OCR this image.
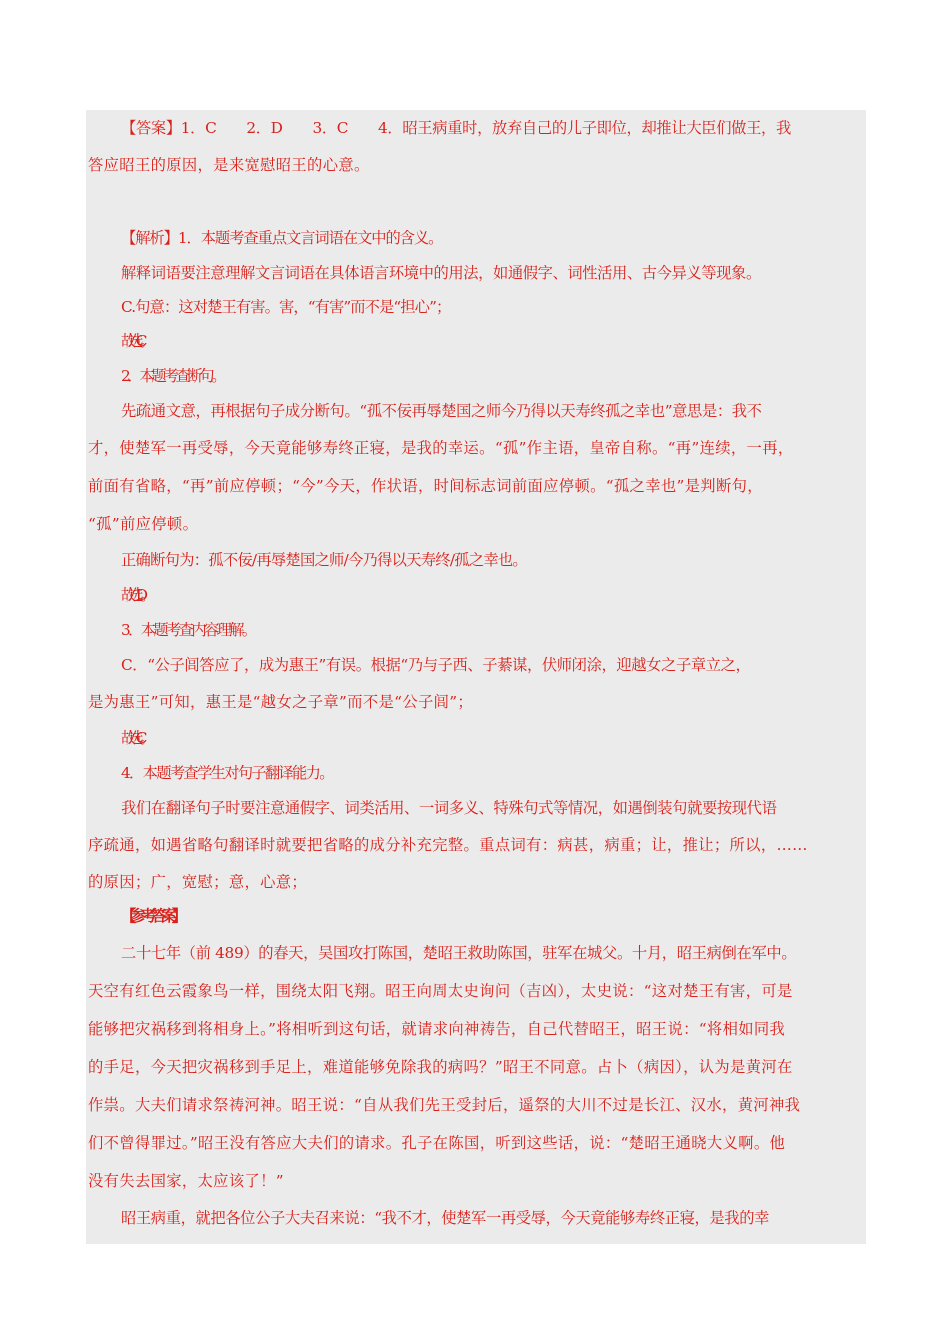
【答案】1．C　　2．D　　3．C　　4．昭王病重时，放弃自己的儿子即位，却推让大臣们做王，我
答应昭王的原因，是来宽慰昭王的心意。
【解析】1．本题考查重点文言词语在文中的含义。
解释词语要注意理解文言词语在具体语言环境中的用法，如通假字、词性活用、古今异义等现象。
C.句意：这对楚王有害。害，“有害”而不是“担心”；
故选C。
2．本题考查断句。
先疏通文意，再根据句子成分断句。“孤不佞再辱楚国之师今乃得以天寿终孤之幸也”意思是：我不
才，使楚军一再受辱，今天竟能够寿终正寝，是我的幸运。“孤”作主语，皇帝自称。“再”连续，一再，
前面有省略，“再”前应停顿；“今”今天，作状语，时间标志词前面应停顿。“孤之幸也”是判断句，
“孤”前应停顿。
正确断句为：孤不佞/再辱楚国之师/今乃得以天寿终/孤之幸也。
故选D。
3．本题考查内容理解。
C．“公子闾答应了，成为惠王”有误。根据“乃与子西、子綦谋，伏师闭涂，迎越女之子章立之，
是为惠王”可知，惠王是“越女之子章”而不是“公子闾”；
故选C。
4．本题考查学生对句子翻译能力。
我们在翻译句子时要注意通假字、词类活用、一词多义、特殊句式等情况，如遇倒装句就要按现代语
序疏通，如遇省略句翻译时就要把省略的成分补充完整。重点词有：病甚，病重；让，推让；所以，……
的原因；广，宽慰；意，心意；
【参考答案】
二十七年（前 489）的春天，吴国攻打陈国，楚昭王救助陈国，驻军在城父。十月，昭王病倒在军中。
天空有红色云霞象鸟一样，围绕太阳飞翔。昭王向周太史询问（吉凶），太史说：“这对楚王有害，可是
能够把灾祸移到将相身上。”将相听到这句话，就请求向神祷告，自己代替昭王，昭王说：“将相如同我
的手足，今天把灾祸移到手足上，难道能够免除我的病吗？”昭王不同意。占卜（病因），认为是黄河在
作祟。大夫们请求祭祷河神。昭王说：“自从我们先王受封后，遥祭的大川不过是长江、汉水，黄河神我
们不曾得罪过。”昭王没有答应大夫们的请求。孔子在陈国，听到这些话，说：“楚昭王通晓大义啊。他
没有失去国家，太应该了！”
昭王病重，就把各位公子大夫召来说：“我不才，使楚军一再受辱，今天竟能够寿终正寝，是我的幸
